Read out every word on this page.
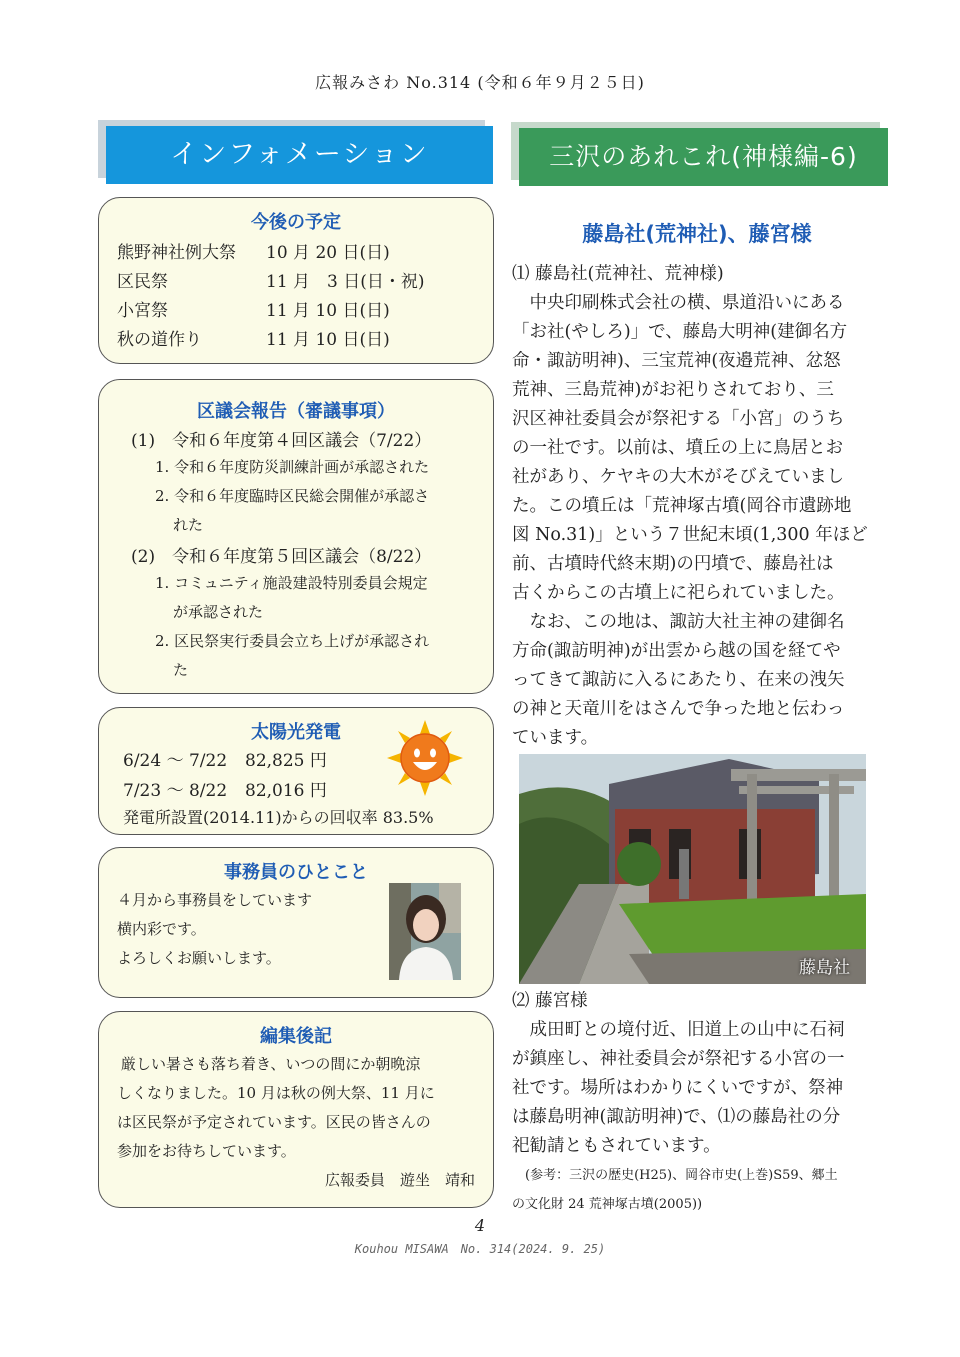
広報みさわ No.314 (令和６年９月２５日)
インフォメーション	三沢のあれこれ(神様編-6)
今後の予定
熊野神社例大祭 10 月 20 日(日)
区民祭	11 月　3 日(日・祝)
小宮祭	11 月 10 日(日)
秋の道作り	11 月 10 日(日)
区議会報告（審議事項）
(1)　令和６年度第４回区議会（7/22）
1. 令和６年度防災訓練計画が承認された
2. 令和６年度臨時区民総会開催が承認さ
れた
(2)　令和６年度第５回区議会（8/22）
1. コミュニティ施設建設特別委員会規定
が承認された
2. 区民祭実行委員会立ち上げが承認され
た
太陽光発電
6/24 ～ 7/22 82,825 円
7/23 ～ 8/22 82,016 円
発電所設置(2014.11)からの回収率 83.5%
事務員のひとこと
４月から事務員をしています
横内彩です。
よろしくお願いします。
編集後記
厳しい暑さも落ち着き、いつの間にか朝晩涼
しくなりました。10 月は秋の例大祭、11 月に
は区民祭が予定されています。区民の皆さんの
参加をお待ちしています。
広報委員　遊坐　靖和
藤島社(荒神社)、藤宮様
⑴ 藤島社(荒神社、荒神様)
　中央印刷株式会社の横、県道沿いにある
「お社(やしろ)」で、藤島大明神(建御名方
命・諏訪明神)、三宝荒神(夜邉荒神、忿怒
荒神、三島荒神)がお祀りされており、三
沢区神社委員会が祭祀する「小宮」のうち
の一社です。以前は、墳丘の上に鳥居とお
社があり、ケヤキの大木がそびえていまし
た。この墳丘は「荒神塚古墳(岡谷市遺跡地
図 No.31)」という７世紀末頃(1,300 年ほど
前、古墳時代終末期)の円墳で、藤島社は
古くからこの古墳上に祀られていました。
　なお、この地は、諏訪大社主神の建御名
方命(諏訪明神)が出雲から越の国を経てや
ってきて諏訪に入るにあたり、在来の洩矢
の神と天竜川をはさんで争った地と伝わっ
ています。
藤島社
⑵ 藤宮様
　成田町との境付近、旧道上の山中に石祠
が鎮座し、神社委員会が祭祀する小宮の一
社です。場所はわかりにくいですが、祭神
は藤島明神(諏訪明神)で、⑴の藤島社の分
祀勧請ともされています。
　(参考：三沢の歴史(H25)、岡谷市史(上巻)S59、郷土
の文化財 24 荒神塚古墳(2005))
4
Kouhou MISAWA　No. 314(2024. 9. 25)
